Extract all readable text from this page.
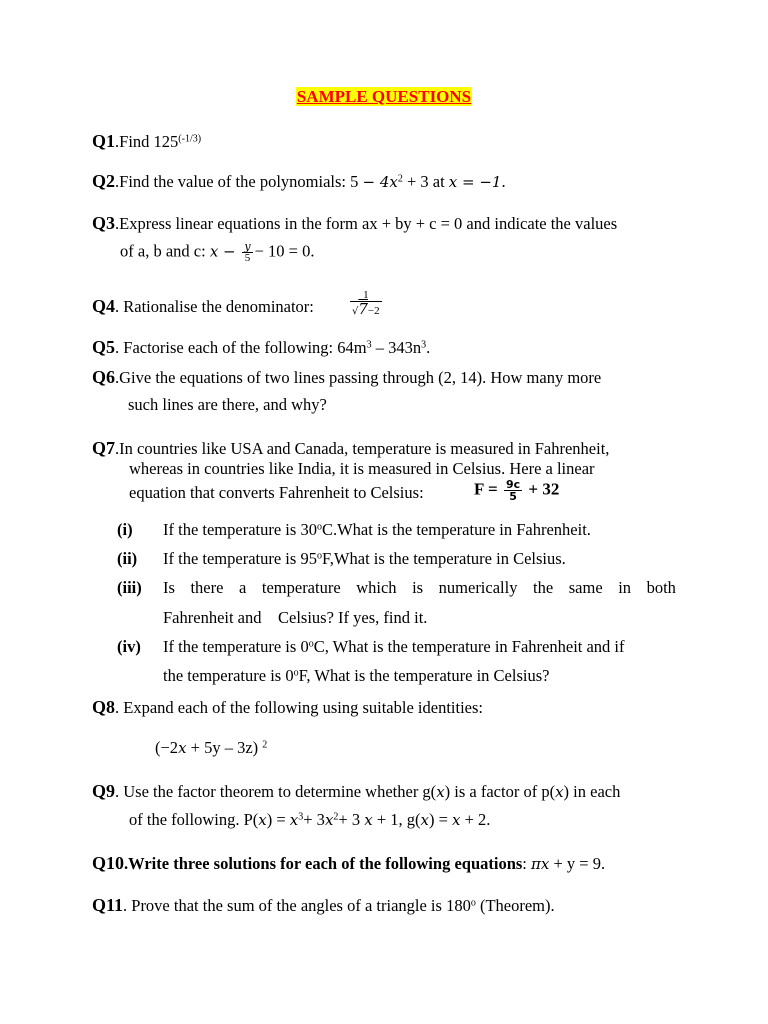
SAMPLE QUESTIONS
Q1.Find $125^{(-1/3)}$
Q2.Find the value of the polynomials: 5 − 4𝑥$^2$ + 3 at 𝑥 = −1.
Q3.Express linear equations in the form ax + by + c = 0 and indicate the values
of a, b and c: 𝑥 − $\frac{\text{𝑦}}{5} - 10 = 0$.
Q4. Rationalise the denominator:	$\frac{1}{√7-2}$
Q5. Factorise each of the following: $64m^3 - 343n^3$.
Q6.Give the equations of two lines passing through (2, 14). How many more
such lines are there, and why?
Q7.In countries like USA and Canada, temperature is measured in Fahrenheit,
whereas in countries like India, it is measured in Celsius. Here a linear
equation that converts Fahrenheit to Celsius:	$F = \frac{9c}{5} + 32$
(i) If the temperature is 30$^o$C.What is the temperature in Fahrenheit.
(ii) If the temperature is 95$^o$F,What is the temperature in Celsius.
(iii) Is there a temperature which is numerically the same in both
Fahrenheit and    Celsius? If yes, find it.
(iv) If the temperature is 0$^o$C, What is the temperature in Fahrenheit and if
the temperature is 0$^o$F, What is the temperature in Celsius?
Q8. Expand each of the following using suitable identities:
(−2𝑥 + 5y – 3z) $^2$
Q9. Use the factor theorem to determine whether g(𝑥) is a factor of p(𝑥) in each
of the following. P(𝑥) = 𝑥$^3$+ 3𝑥$^2$+ 3 𝑥 + 1, g(𝑥) = 𝑥 + 2.
Q10.Write three solutions for each of the following equations: 𝜋𝑥 + y = 9.
Q11. Prove that the sum of the angles of a triangle is 180$^o$ (Theorem).
